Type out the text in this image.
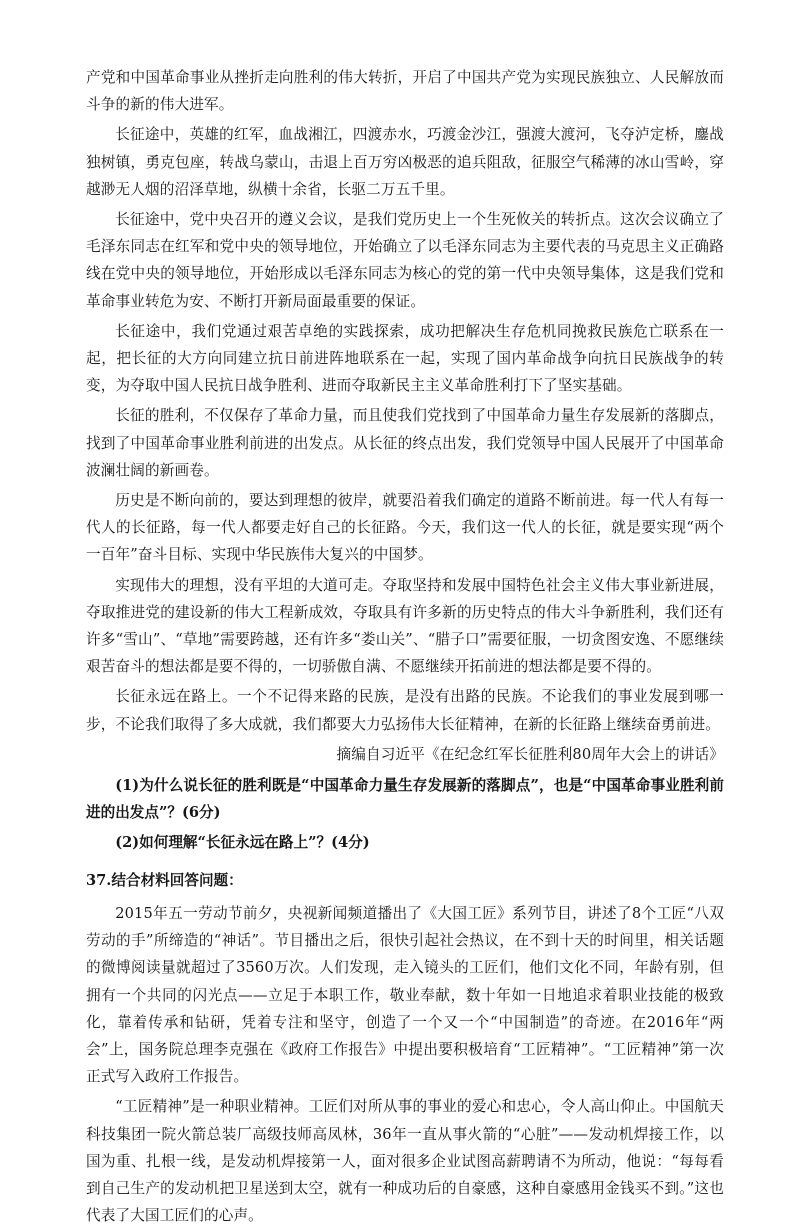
产党和中国革命事业从挫折走向胜利的伟大转折，开启了中国共产党为实现民族独立、人民解放而斗争的新的伟大进军。

长征途中，英雄的红军，血战湘江，四渡赤水，巧渡金沙江，强渡大渡河，飞夺泸定桥，鏖战独树镇，勇克包座，转战乌蒙山，击退上百万穷凶极恶的追兵阻敌，征服空气稀薄的冰山雪岭，穿越渺无人烟的沼泽草地，纵横十余省，长驱二万五千里。

长征途中，党中央召开的遵义会议，是我们党历史上一个生死攸关的转折点。这次会议确立了毛泽东同志在红军和党中央的领导地位，开始确立了以毛泽东同志为主要代表的马克思主义正确路线在党中央的领导地位，开始形成以毛泽东同志为核心的党的第一代中央领导集体，这是我们党和革命事业转危为安、不断打开新局面最重要的保证。

长征途中，我们党通过艰苦卓绝的实践探索，成功把解决生存危机同挽救民族危亡联系在一起，把长征的大方向同建立抗日前进阵地联系在一起，实现了国内革命战争向抗日民族战争的转变，为夺取中国人民抗日战争胜利、进而夺取新民主主义革命胜利打下了坚实基础。

长征的胜利，不仅保存了革命力量，而且使我们党找到了中国革命力量生存发展新的落脚点，找到了中国革命事业胜利前进的出发点。从长征的终点出发，我们党领导中国人民展开了中国革命波澜壮阔的新画卷。

历史是不断向前的，要达到理想的彼岸，就要沿着我们确定的道路不断前进。每一代人有每一代人的长征路，每一代人都要走好自己的长征路。今天，我们这一代人的长征，就是要实现“两个一百年”奋斗目标、实现中华民族伟大复兴的中国梦。

实现伟大的理想，没有平坦的大道可走。夺取坚持和发展中国特色社会主义伟大事业新进展，夺取推进党的建设新的伟大工程新成效，夺取具有许多新的历史特点的伟大斗争新胜利，我们还有许多“雪山”、“草地”需要跨越，还有许多“娄山关”、“腊子口”需要征服，一切贪图安逸、不愿继续艰苦奋斗的想法都是要不得的，一切骄傲自满、不愿继续开拓前进的想法都是要不得的。

长征永远在路上。一个不记得来路的民族，是没有出路的民族。不论我们的事业发展到哪一步，不论我们取得了多大成就，我们都要大力弘扬伟大长征精神，在新的长征路上继续奋勇前进。

摘编自习近平《在纪念红军长征胜利80周年大会上的讲话》

(1)为什么说长征的胜利既是“中国革命力量生存发展新的落脚点”，也是“中国革命事业胜利前进的出发点”？(6分)

(2)如何理解“长征永远在路上”？(4分)

37.结合材料回答问题：

2015年五一劳动节前夕，央视新闻频道播出了《大国工匠》系列节目，讲述了8个工匠“八双劳动的手”所缔造的“神话”。节目播出之后，很快引起社会热议，在不到十天的时间里，相关话题的微博阅读量就超过了3560万次。人们发现，走入镜头的工匠们，他们文化不同，年龄有别，但拥有一个共同的闪光点——立足于本职工作，敬业奉献，数十年如一日地追求着职业技能的极致化，靠着传承和钻研，凭着专注和坚守，创造了一个又一个“中国制造”的奇迹。在2016年“两会”上，国务院总理李克强在《政府工作报告》中提出要积极培育“工匠精神”。“工匠精神”第一次正式写入政府工作报告。

“工匠精神”是一种职业精神。工匠们对所从事的事业的爱心和忠心，令人高山仰止。中国航天科技集团一院火箭总装厂高级技师高凤林，36年一直从事火箭的“心脏”——发动机焊接工作，以国为重、扎根一线，是发动机焊接第一人，面对很多企业试图高薪聘请不为所动，他说：“每每看到自己生产的发动机把卫星送到太空，就有一种成功后的自豪感，这种自豪感用金钱买不到。”这也代表了大国工匠们的心声。
